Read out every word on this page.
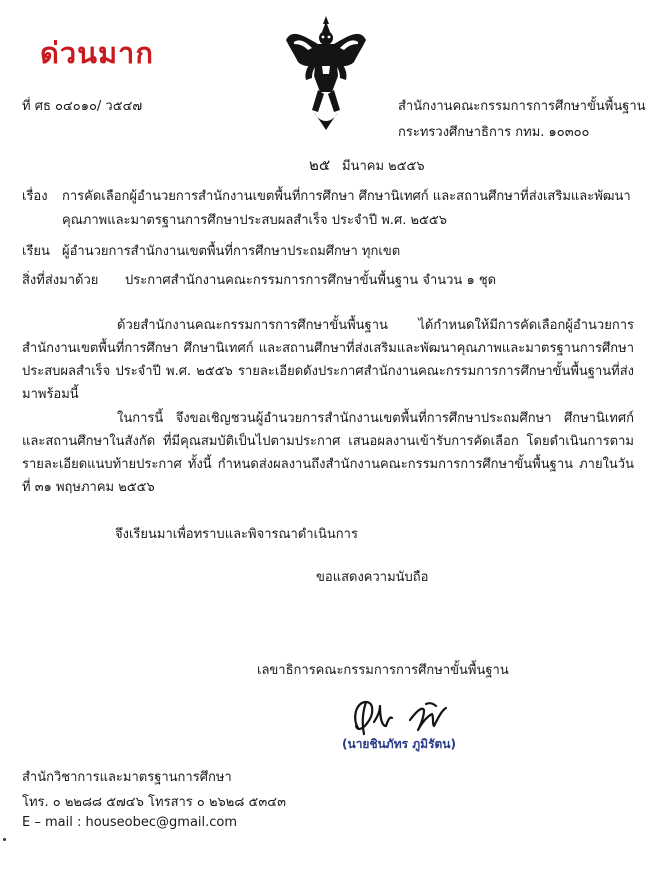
ด่วนมาก
ที่ ศธ ๐๔๐๑๐/ ว๕๔๗	สำนักงานคณะกรรมการการศึกษาขั้นพื้นฐาน
กระทรวงศึกษาธิการ กทม. ๑๐๓๐๐
๒๕ มีนาคม ๒๕๕๖
เรื่อง การคัดเลือกผู้อำนวยการสำนักงานเขตพื้นที่การศึกษา ศึกษานิเทศก์ และสถานศึกษาที่ส่งเสริมและพัฒนา
คุณภาพและมาตรฐานการศึกษาประสบผลสำเร็จ ประจำปี พ.ศ. ๒๕๕๖
เรียน ผู้อำนวยการสำนักงานเขตพื้นที่การศึกษาประถมศึกษา ทุกเขต
สิ่งที่ส่งมาด้วย ประกาศสำนักงานคณะกรรมการการศึกษาขั้นพื้นฐาน จำนวน ๑ ชุด
ด้วยสำนักงานคณะกรรมการการศึกษาขั้นพื้นฐาน ได้กำหนดให้มีการคัดเลือกผู้อำนวยการสำนักงานเขตพื้นที่การศึกษา ศึกษานิเทศก์ และสถานศึกษาที่ส่งเสริมและพัฒนาคุณภาพและมาตรฐานการศึกษาประสบผลสำเร็จ ประจำปี พ.ศ. ๒๕๕๖ รายละเอียดดังประกาศสำนักงานคณะกรรมการการศึกษาขั้นพื้นฐานที่ส่งมาพร้อมนี้
ในการนี้ จึงขอเชิญชวนผู้อำนวยการสำนักงานเขตพื้นที่การศึกษาประถมศึกษา ศึกษานิเทศก์ และสถานศึกษาในสังกัด ที่มีคุณสมบัติเป็นไปตามประกาศ เสนอผลงานเข้ารับการคัดเลือก โดยดำเนินการตามรายละเอียดแนบท้ายประกาศ ทั้งนี้ กำหนดส่งผลงานถึงสำนักงานคณะกรรมการการศึกษาขั้นพื้นฐาน ภายในวันที่ ๓๑ พฤษภาคม ๒๕๕๖
จึงเรียนมาเพื่อทราบและพิจารณาดำเนินการ
ขอแสดงความนับถือ
(นายชินภัทร ภูมิรัตน)
เลขาธิการคณะกรรมการการศึกษาขั้นพื้นฐาน
สำนักวิชาการและมาตรฐานการศึกษา
โทร. ๐ ๒๒๘๘ ๕๗๔๖ โทรสาร ๐ ๒๖๒๘ ๕๓๔๓
E – mail : houseobec@gmail.com
